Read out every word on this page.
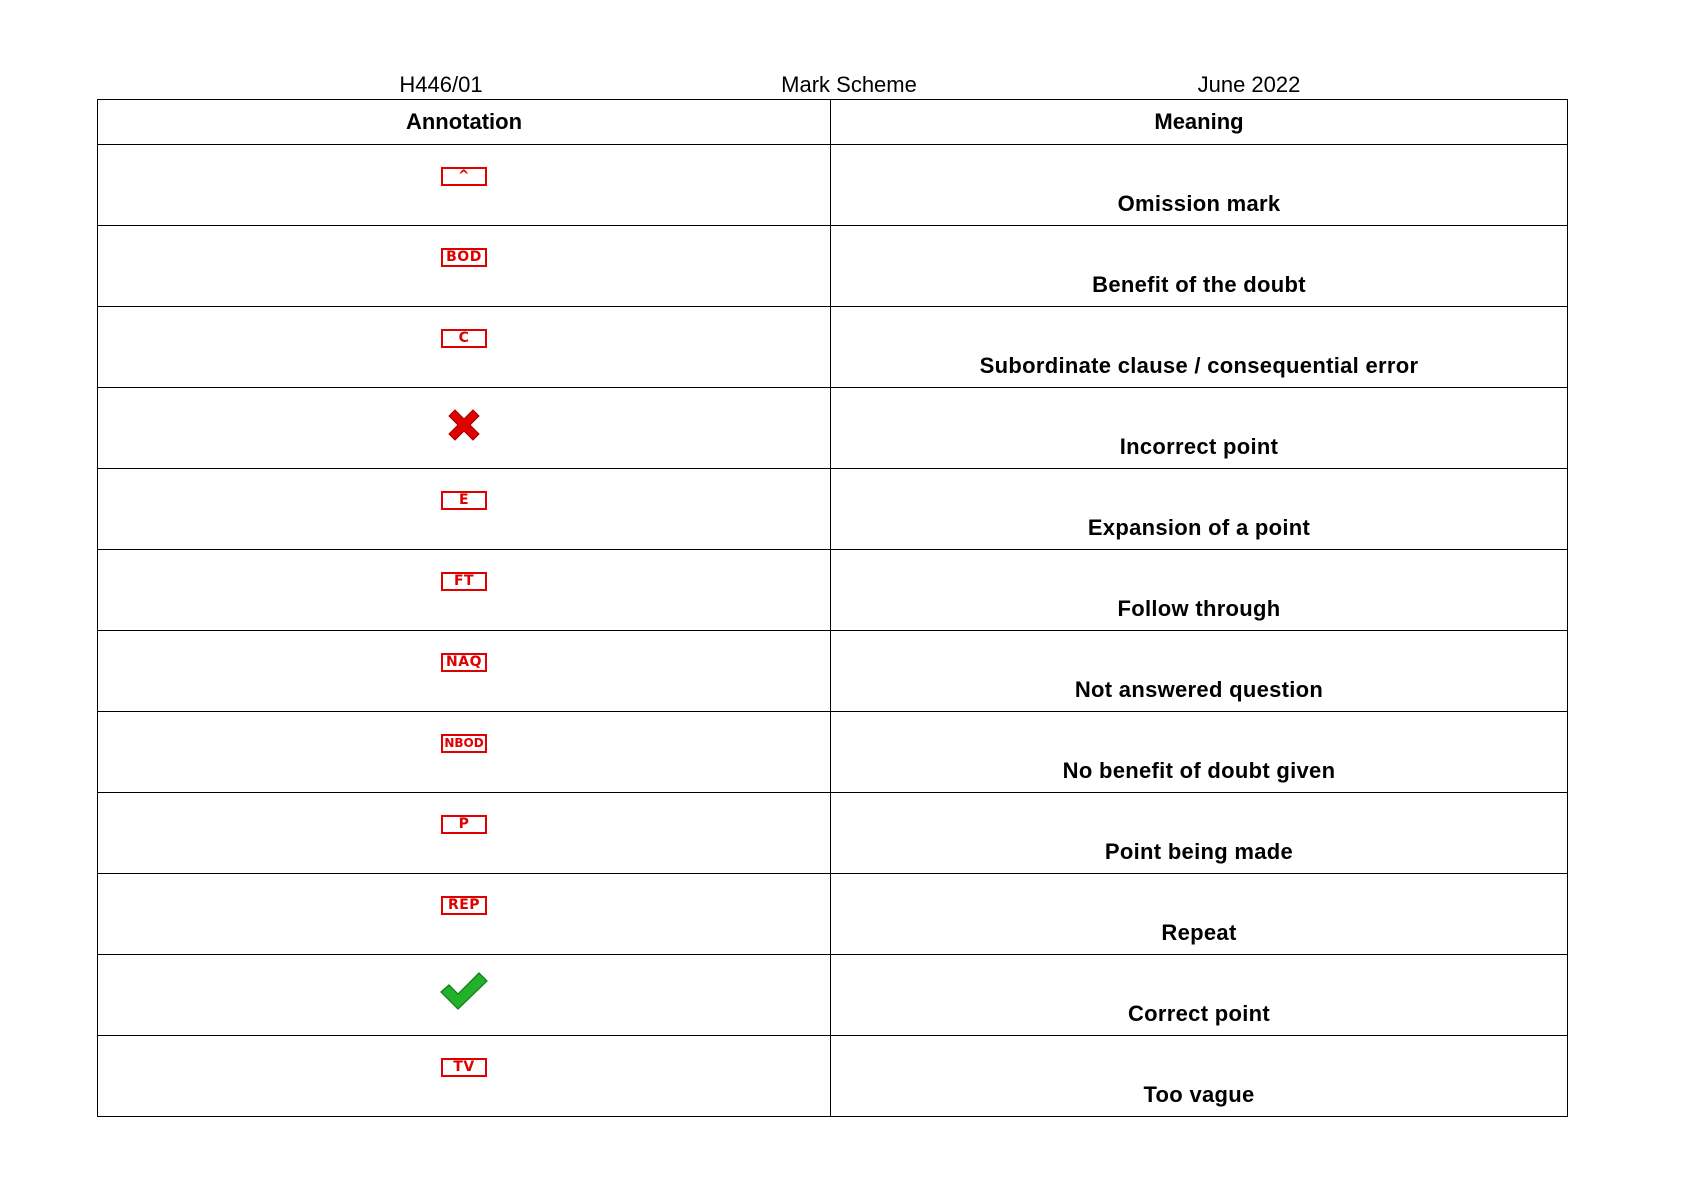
H446/01	Mark Scheme	June 2022
Annotation	Meaning

^	Omission mark

BOD	Benefit of the doubt

C	Subordinate clause / consequential error

	Incorrect point

E	Expansion of a point

FT	Follow through

NAQ	Not answered question

NBOD	No benefit of doubt given

P	Point being made

REP	Repeat

	Correct point

TV	Too vague
